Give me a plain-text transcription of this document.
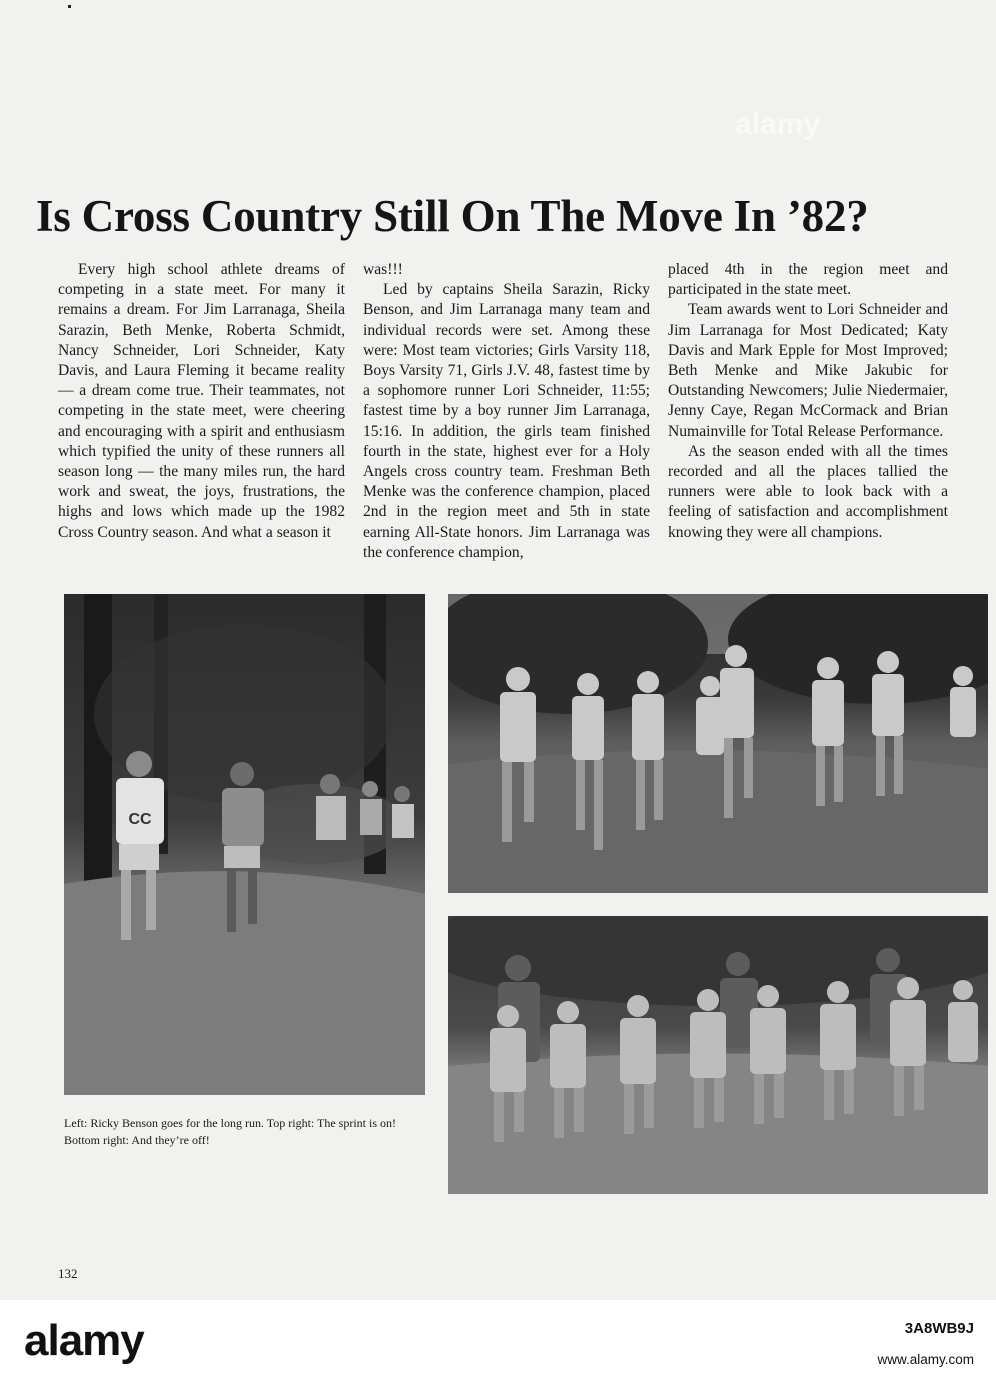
Is Cross Country Still On The Move In ’82?

Every high school athlete dreams of competing in a state meet. For many it remains a dream. For Jim Larranaga, Sheila Sarazin, Beth Menke, Roberta Schmidt, Nancy Schneider, Lori Schneider, Katy Davis, and Laura Fleming it became reality — a dream come true. Their teammates, not competing in the state meet, were cheering and encouraging with a spirit and enthusiasm which typified the unity of these runners all season long — the many miles run, the hard work and sweat, the joys, frustrations, the highs and lows which made up the 1982 Cross Country season. And what a season it

was!!!

Led by captains Sheila Sarazin, Ricky Benson, and Jim Larranaga many team and individual records were set. Among these were: Most team victories; Girls Varsity 118, Boys Varsity 71, Girls J.V. 48, fastest time by a sophomore runner Lori Schneider, 11:55; fastest time by a boy runner Jim Larranaga, 15:16. In addition, the girls team finished fourth in the state, highest ever for a Holy Angels cross country team. Freshman Beth Menke was the conference champion, placed 2nd in the region meet and 5th in state earning All-State honors. Jim Larranaga was the conference champion,

placed 4th in the region meet and participated in the state meet.

Team awards went to Lori Schneider and Jim Larranaga for Most Dedicated; Katy Davis and Mark Epple for Most Improved; Beth Menke and Mike Jakubic for Outstanding Newcomers; Julie Niedermaier, Jenny Caye, Regan McCormack and Brian Numainville for Total Release Performance.

As the season ended with all the times recorded and all the places tallied the runners were able to look back with a feeling of satisfaction and accomplishment knowing they were all champions.

CC

Left: Ricky Benson goes for the long run. Top right: The sprint is on! Bottom right: And they’re off!

132
alamy
alamy	3A8WB9J
www.alamy.com
